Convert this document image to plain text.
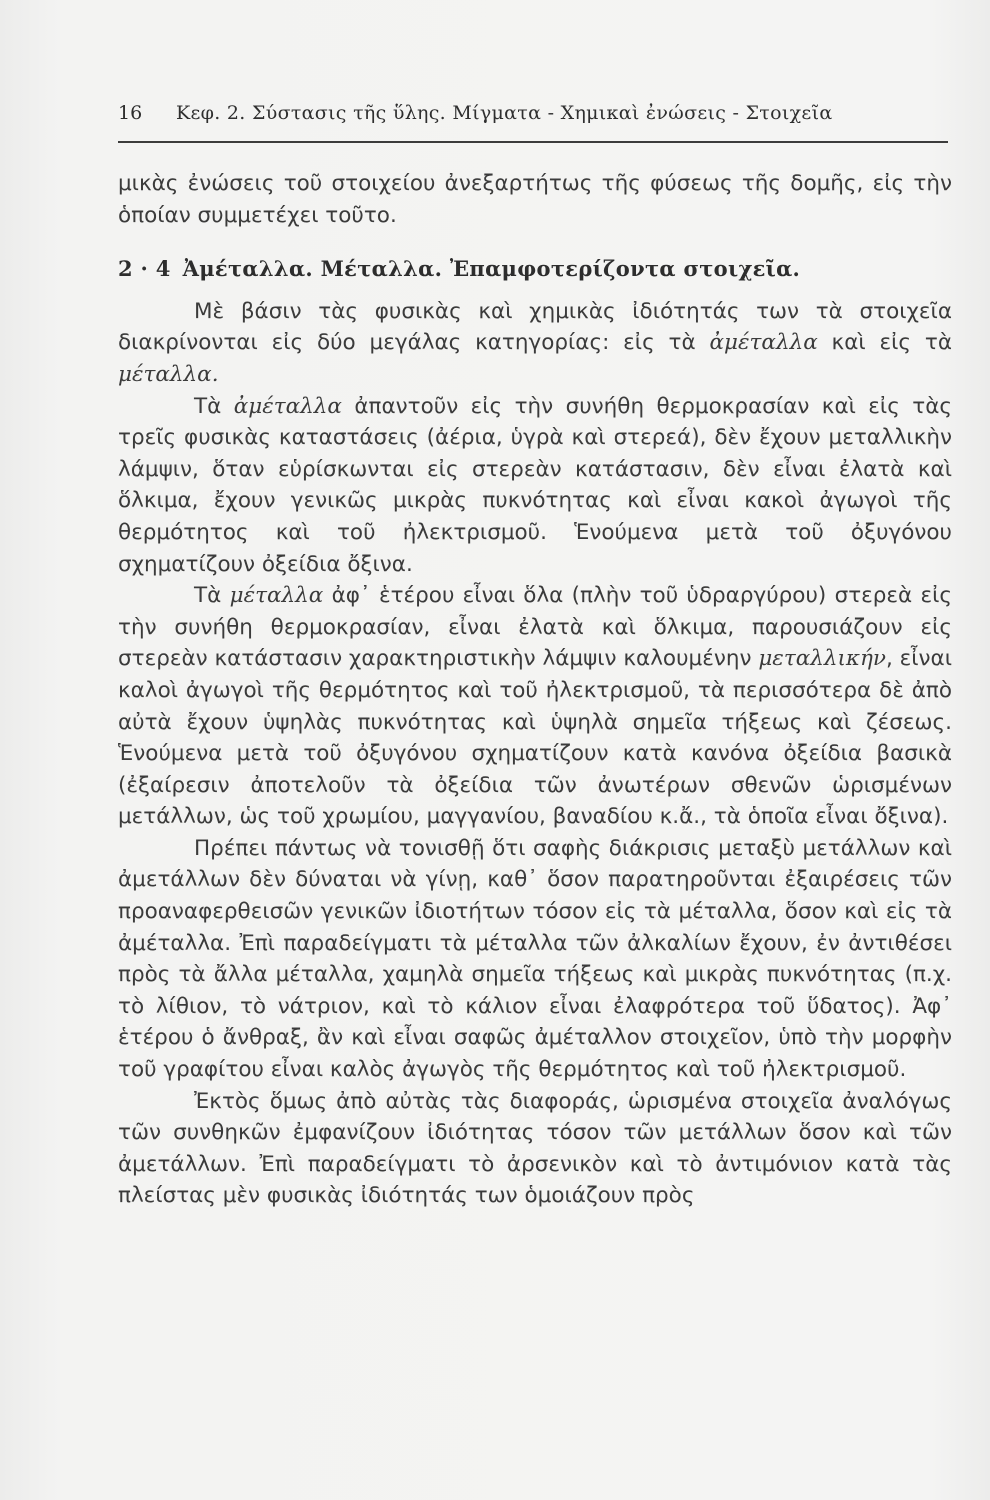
16 Κεφ. 2. Σύστασις τῆς ὕλης. Μίγματα - Χημικαὶ ἐνώσεις - Στοιχεῖα

μικὰς ἐνώσεις τοῦ στοιχείου ἀνεξαρτήτως τῆς φύσεως τῆς δομῆς, εἰς τὴν ὁποίαν συμμετέχει τοῦτο.

2 · 4 Ἀμέταλλα. Μέταλλα. Ἐπαμφοτερίζοντα στοιχεῖα.

Μὲ βάσιν τὰς φυσικὰς καὶ χημικὰς ἰδιότητάς των τὰ στοιχεῖα διακρίνονται εἰς δύο μεγάλας κατηγορίας: εἰς τὰ ἀμέταλλα καὶ εἰς τὰ μέταλλα.

Τὰ ἀμέταλλα ἀπαντοῦν εἰς τὴν συνήθη θερμοκρασίαν καὶ εἰς τὰς τρεῖς φυσικὰς καταστάσεις (ἀέρια, ὑγρὰ καὶ στερεά), δὲν ἔχουν μεταλλικὴν λάμψιν, ὅταν εὑρίσκωνται εἰς στερεὰν κατάστασιν, δὲν εἶναι ἐλατὰ καὶ ὅλκιμα, ἔχουν γενικῶς μικρὰς πυκνότητας καὶ εἶναι κακοὶ ἀγωγοὶ τῆς θερμότητος καὶ τοῦ ἠλεκτρισμοῦ. Ἑνούμενα μετὰ τοῦ ὀξυγόνου σχηματίζουν ὀξείδια ὄξινα.

Τὰ μέταλλα ἀφ᾽ ἑτέρου εἶναι ὅλα (πλὴν τοῦ ὑδραργύρου) στερεὰ εἰς τὴν συνήθη θερμοκρασίαν, εἶναι ἐλατὰ καὶ ὅλκιμα, παρουσιάζουν εἰς στερεὰν κατάστασιν χαρακτηριστικὴν λάμψιν καλουμένην μεταλλικήν, εἶναι καλοὶ ἀγωγοὶ τῆς θερμότητος καὶ τοῦ ἠλεκτρισμοῦ, τὰ περισσότερα δὲ ἀπὸ αὐτὰ ἔχουν ὑψηλὰς πυκνότητας καὶ ὑψηλὰ σημεῖα τήξεως καὶ ζέσεως. Ἑνούμενα μετὰ τοῦ ὀξυγόνου σχηματίζουν κατὰ κανόνα ὀξείδια βασικὰ (ἐξαίρεσιν ἀποτελοῦν τὰ ὀξείδια τῶν ἀνωτέρων σθενῶν ὡρισμένων μετάλλων, ὡς τοῦ χρωμίου, μαγγανίου, βαναδίου κ.ἄ., τὰ ὁποῖα εἶναι ὄξινα).

Πρέπει πάντως νὰ τονισθῇ ὅτι σαφὴς διάκρισις μεταξὺ μετάλλων καὶ ἀμετάλλων δὲν δύναται νὰ γίνῃ, καθ᾽ ὅσον παρατηροῦνται ἐξαιρέσεις τῶν προαναφερθεισῶν γενικῶν ἰδιοτήτων τόσον εἰς τὰ μέταλλα, ὅσον καὶ εἰς τὰ ἀμέταλλα. Ἐπὶ παραδείγματι τὰ μέταλλα τῶν ἀλκαλίων ἔχουν, ἐν ἀντιθέσει πρὸς τὰ ἄλλα μέταλλα, χαμηλὰ σημεῖα τήξεως καὶ μικρὰς πυκνότητας (π.χ. τὸ λίθιον, τὸ νάτριον, καὶ τὸ κάλιον εἶναι ἐλαφρότερα τοῦ ὕδατος). Ἀφ᾽ ἑτέρου ὁ ἄνθραξ, ἂν καὶ εἶναι σαφῶς ἀμέταλλον στοιχεῖον, ὑπὸ τὴν μορφὴν τοῦ γραφίτου εἶναι καλὸς ἀγωγὸς τῆς θερμότητος καὶ τοῦ ἠλεκτρισμοῦ.

Ἐκτὸς ὅμως ἀπὸ αὐτὰς τὰς διαφοράς, ὡρισμένα στοιχεῖα ἀναλόγως τῶν συνθηκῶν ἐμφανίζουν ἰδιότητας τόσον τῶν μετάλλων ὅσον καὶ τῶν ἀμετάλλων. Ἐπὶ παραδείγματι τὸ ἀρσενικὸν καὶ τὸ ἀντιμόνιον κατὰ τὰς πλείστας μὲν φυσικὰς ἰδιότητάς των ὁμοιάζουν πρὸς
